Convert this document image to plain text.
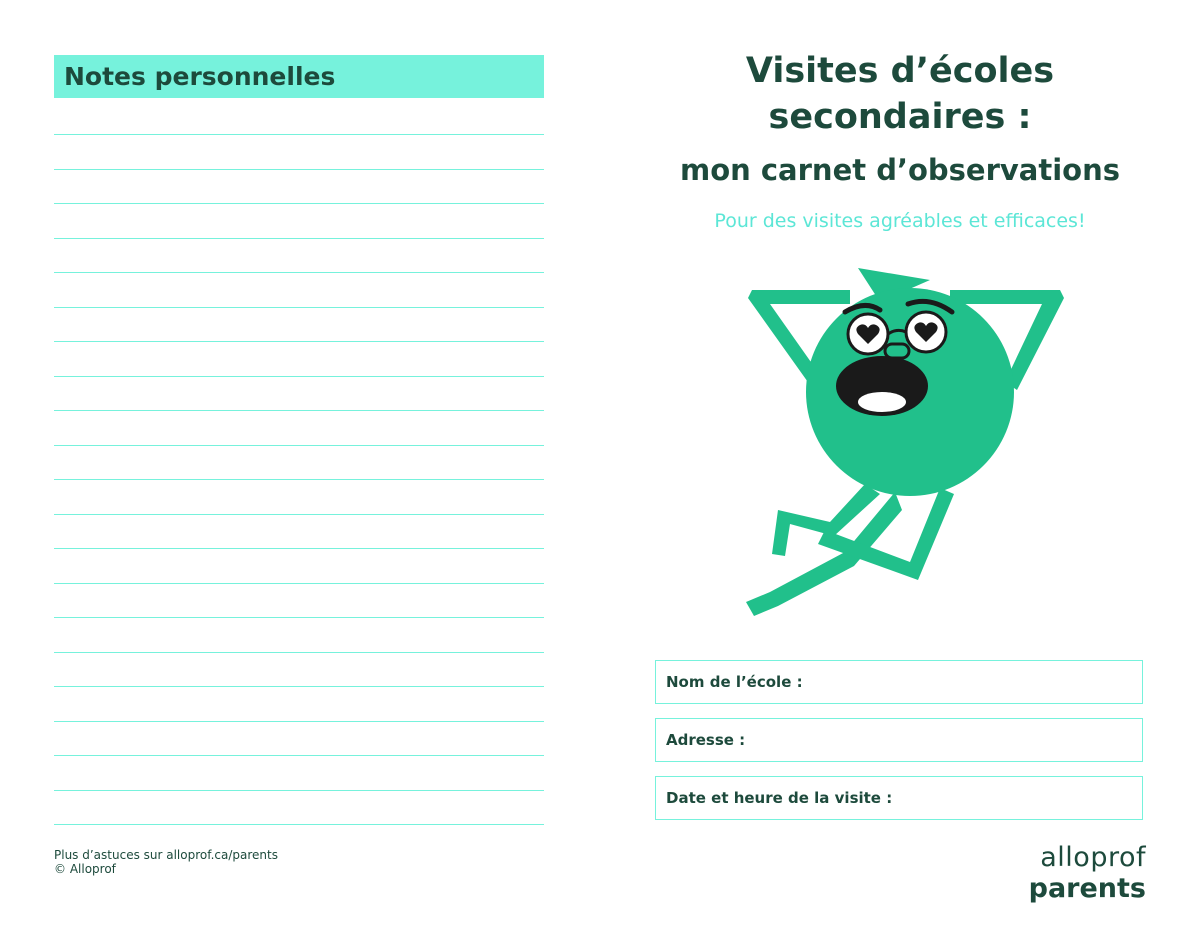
Notes personnelles
Plus d’astuces sur alloprof.ca/parents
© Alloprof
Visites d’écoles
secondaires :
mon carnet d’observations
Pour des visites agréables et efficaces!
Nom de l’école :
Adresse :
Date et heure de la visite :
alloprof parents
